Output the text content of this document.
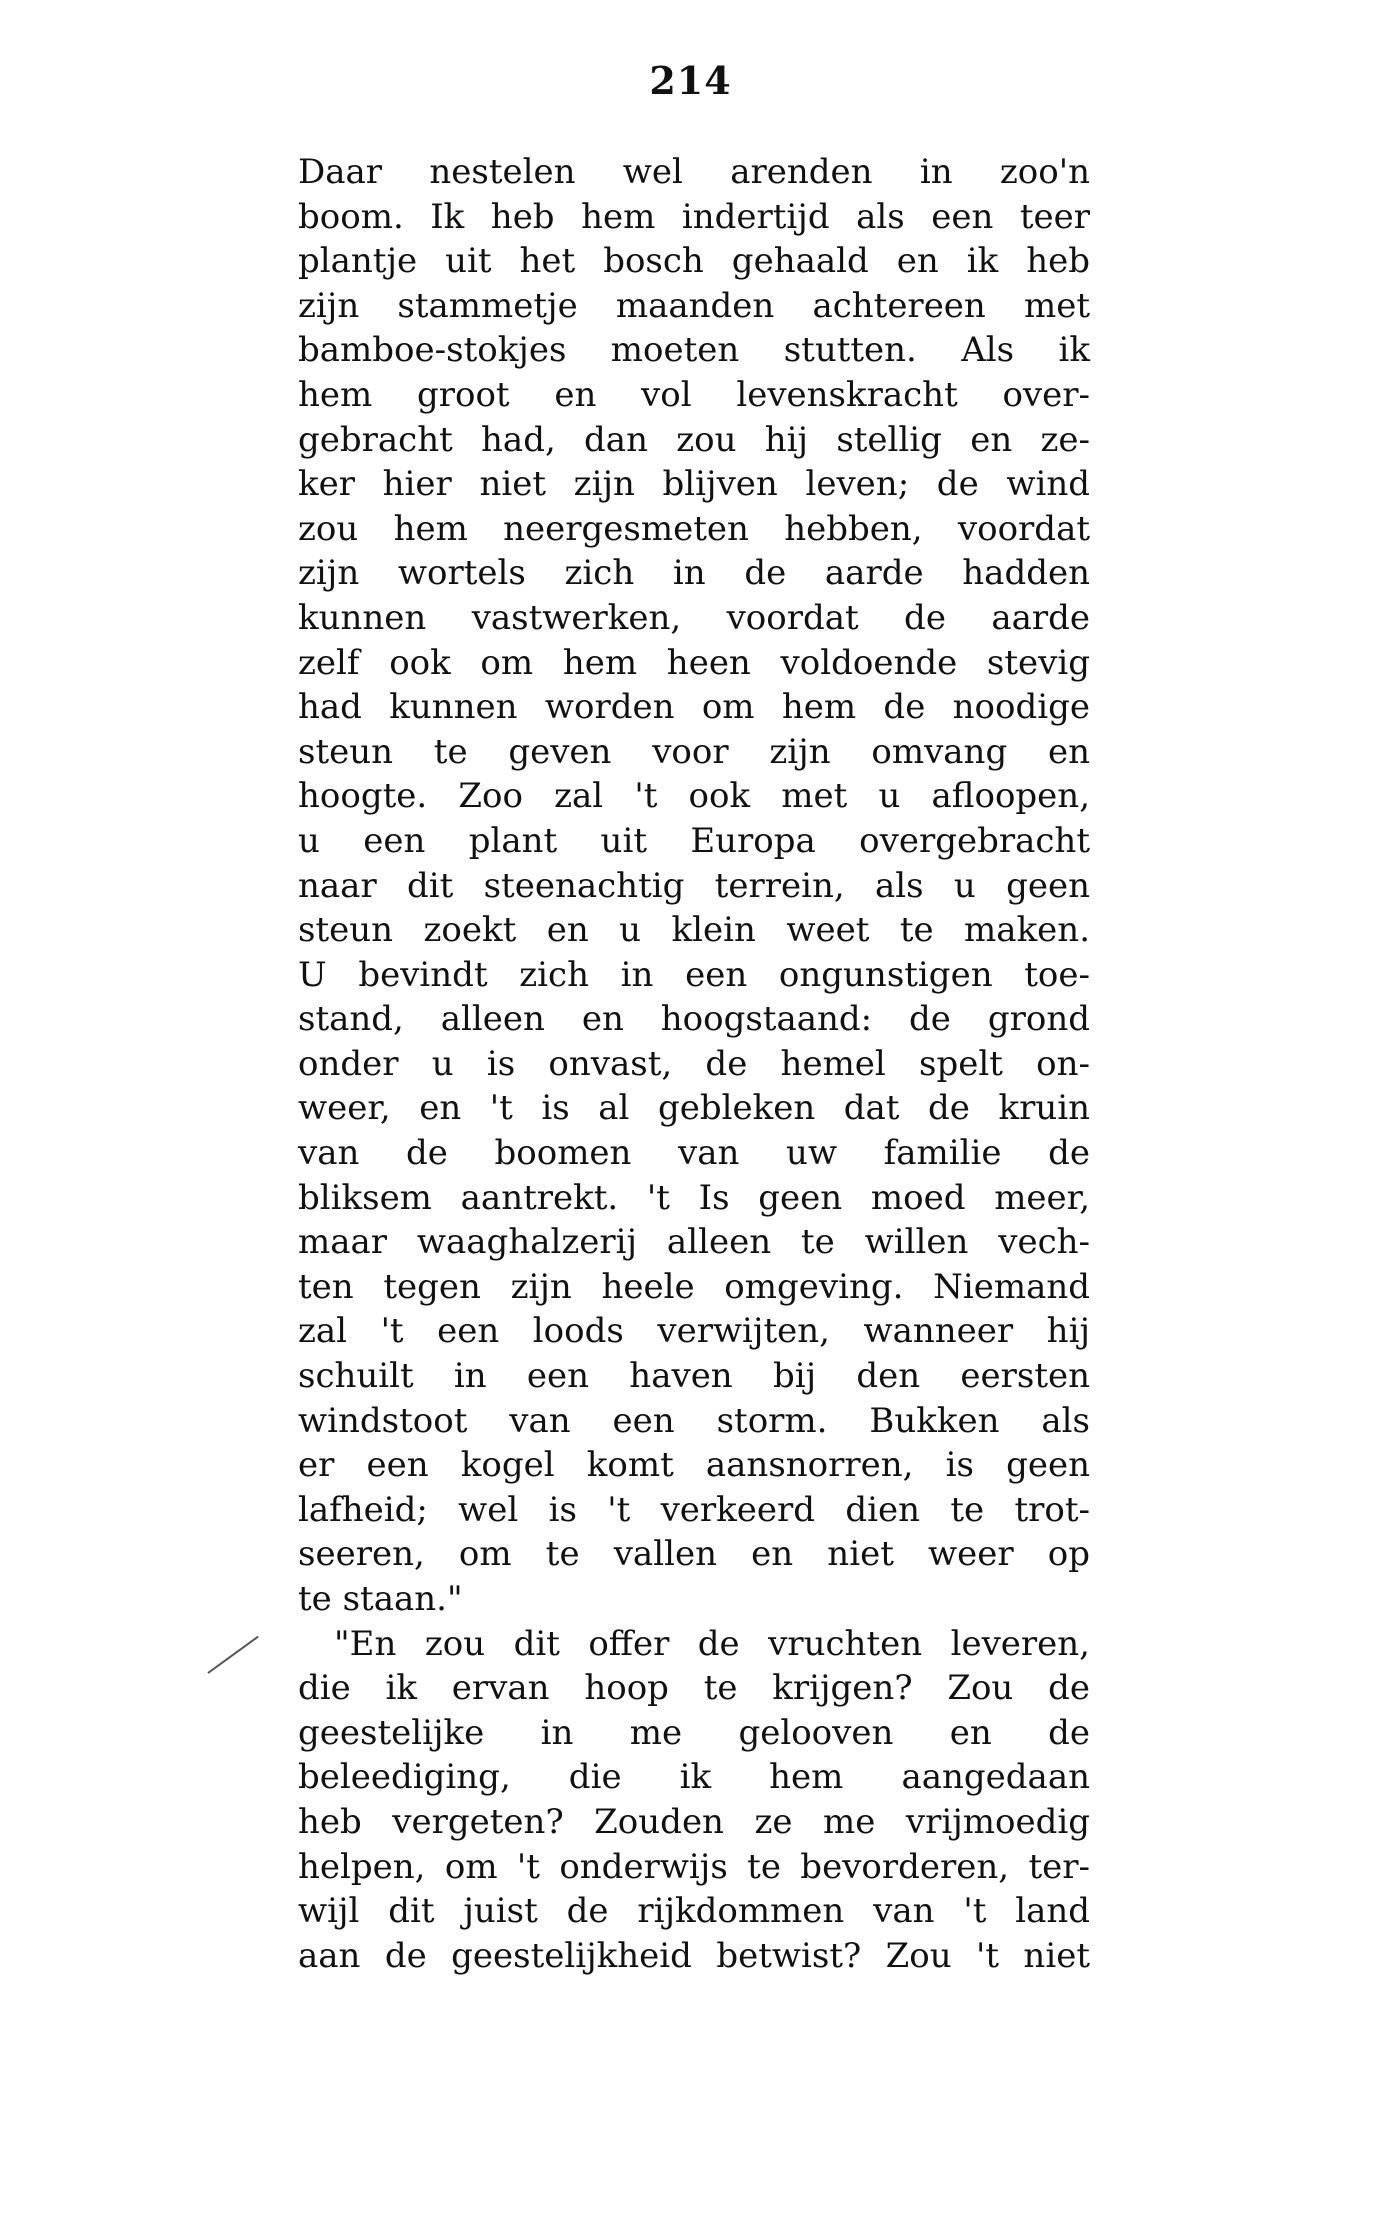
214
Daar nestelen wel arenden in zoo'n
boom. Ik heb hem indertijd als een teer
plantje uit het bosch gehaald en ik heb
zijn stammetje maanden achtereen met
bamboe-stokjes moeten stutten. Als ik
hem groot en vol levenskracht over-
gebracht had, dan zou hij stellig en ze-
ker hier niet zijn blijven leven; de wind
zou hem neergesmeten hebben, voordat
zijn wortels zich in de aarde hadden
kunnen vastwerken, voordat de aarde
zelf ook om hem heen voldoende stevig
had kunnen worden om hem de noodige
steun te geven voor zijn omvang en
hoogte. Zoo zal 't ook met u afloopen,
u een plant uit Europa overgebracht
naar dit steenachtig terrein, als u geen
steun zoekt en u klein weet te maken.
U bevindt zich in een ongunstigen toe-
stand, alleen en hoogstaand: de grond
onder u is onvast, de hemel spelt on-
weer, en 't is al gebleken dat de kruin
van de boomen van uw familie de
bliksem aantrekt. 't Is geen moed meer,
maar waaghalzerij alleen te willen vech-
ten tegen zijn heele omgeving. Niemand
zal 't een loods verwijten, wanneer hij
schuilt in een haven bij den eersten
windstoot van een storm. Bukken als
er een kogel komt aansnorren, is geen
lafheid; wel is 't verkeerd dien te trot-
seeren, om te vallen en niet weer op
te staan."
"En zou dit offer de vruchten leveren,
die ik ervan hoop te krijgen? Zou de
geestelijke in me gelooven en de
beleediging, die ik hem aangedaan
heb vergeten? Zouden ze me vrijmoedig
helpen, om 't onderwijs te bevorderen, ter-
wijl dit juist de rijkdommen van 't land
aan de geestelijkheid betwist? Zou 't niet
